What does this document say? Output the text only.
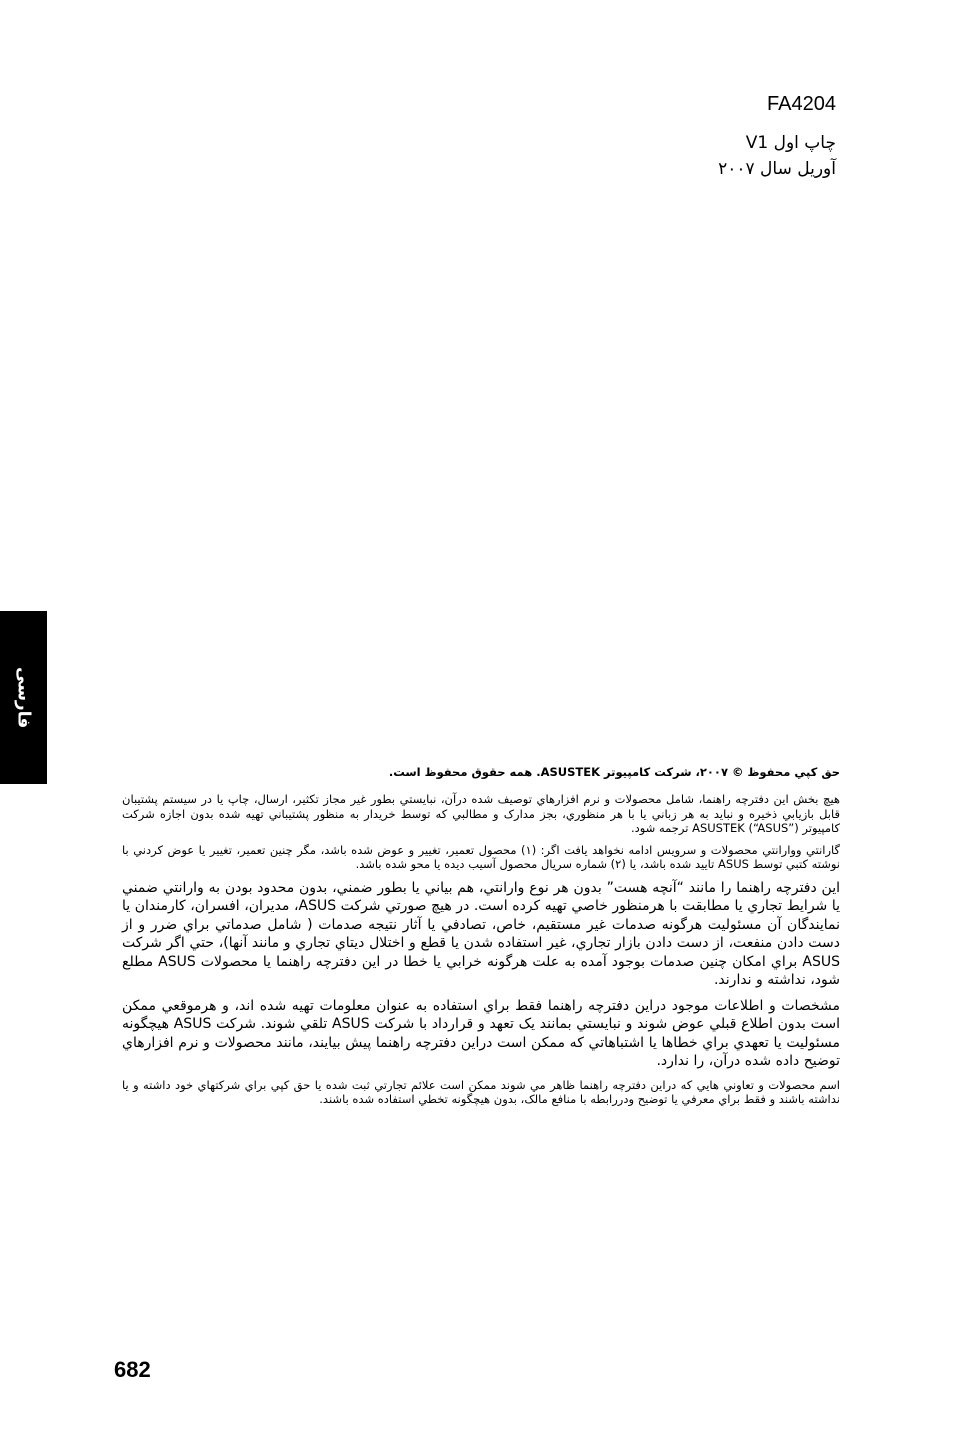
FA4204

چاپ اول V1

آوريل سال ۲۰۰۷

فارسی

حق کپي محفوظ © ۲۰۰۷، شرکت کامپيوتر ASUSTEK. همه حقوق محفوظ است.

هيچ بخش اين دفترچه راهنما، شامل محصولات و نرم افزارهاي توصيف شده درآن، نبايستي بطور غير مجاز تکثير، ارسال، چاپ يا در سيستم پشتيبان قابل بازيابي ذخيره و نبايد به هر زباني يا با هر منظوري، بجز مدارک و مطالبي که توسط خريدار به منظور پشتيباني تهيه شده بدون اجازه شرکت کامپيوتر ASUSTEK (“ASUS”) ترجمه شود.

گارانتي ووارانتي محصولات و سرويس ادامه نخواهد يافت اگر: (۱) محصول تعمير، تغيير و عوض شده باشد، مگر چنين تعمير، تغيير يا عوض کردني با نوشته کتبي توسط ASUS تاييد شده باشد، يا (۲) شماره سريال محصول آسيب ديده يا محو شده باشد.

اين دفترچه راهنما را مانند “آنچه هست” بدون هر نوع وارانتي، هم بياني يا بطور ضمني، بدون محدود بودن به وارانتي ضمني يا شرايط تجاري يا مطابقت با هرمنظور خاصي تهيه کرده است. در هيچ صورتي شرکت ASUS، مديران، افسران، کارمندان يا نمايندگان آن مسئوليت هرگونه صدمات غير مستقيم، خاص، تصادفي يا آثار نتيجه صدمات ( شامل صدماتي براي ضرر و از دست دادن منفعت، از دست دادن بازار تجاري، غير استفاده شدن يا قطع و اختلال ديتاي تجاري و مانند آنها)، حتي اگر شرکت ASUS براي امکان چنين صدمات بوجود آمده به علت هرگونه خرابي يا خطا در اين دفترچه راهنما يا محصولات ASUS مطلع شود، نداشته و ندارند.

مشخصات و اطلاعات موجود دراين دفترچه راهنما فقط براي استفاده به عنوان معلومات تهيه شده اند، و هرموقعي ممکن است بدون اطلاع قبلي عوض شوند و نبايستي بمانند يک تعهد و قرارداد با شرکت ASUS تلقي شوند. شرکت ASUS هيچگونه مسئوليت يا تعهدي براي خطاها يا اشتباهاتي که ممکن است دراين دفترچه راهنما پيش بيايند، مانند محصولات و نرم افزارهاي توضيح داده شده درآن، را ندارد.

اسم محصولات و تعاوني هايي که دراين دفترچه راهنما ظاهر مي شوند ممکن است علائم تجارتي ثبت شده يا حق کپي براي شرکتهاي خود داشته و يا نداشته باشند و فقط براي معرفي يا توضيح ودررابطه با منافع مالک، بدون هيچگونه تخطي استفاده شده باشند.

682
